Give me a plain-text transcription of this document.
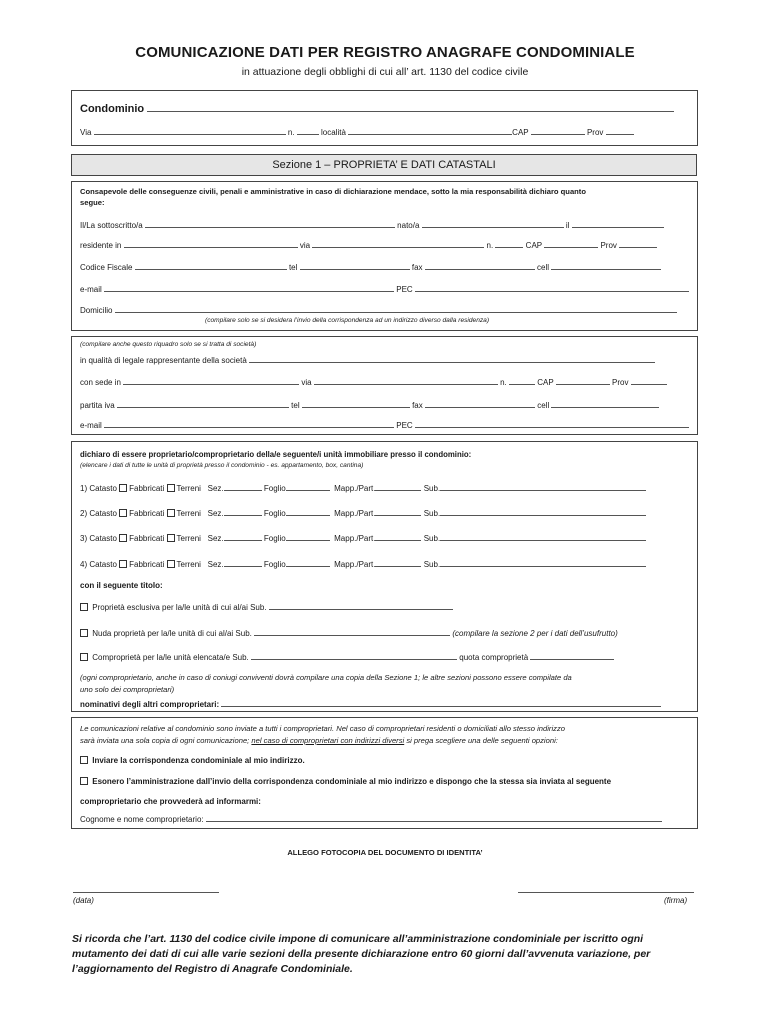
COMUNICAZIONE DATI PER REGISTRO ANAGRAFE CONDOMINIALE
in attuazione degli obblighi di cui all’ art. 1130 del codice civile
Condominio
Via	n.	località	CAP	Prov
Sezione 1 – PROPRIETA’ E DATI CATASTALI
Consapevole delle conseguenze civili, penali e amministrative in caso di dichiarazione mendace, sotto la mia responsabilità dichiaro quanto
segue:
Il/La sottoscritto/a	nato/a	il
residente in	via	n.	CAP	Prov
Codice Fiscale	tel	fax	cell
e-mail	PEC
Domicilio
(compilare solo se si desidera l’invio della corrispondenza ad un indirizzo diverso dalla residenza)
(compilare anche questo riquadro solo se si tratta di società)
in qualità di legale rappresentante della società
con sede in	via	n.	CAP	Prov
partita iva	tel	fax	cell
e-mail	PEC
dichiaro di essere proprietario/comproprietario della/e seguente/i unità immobiliare presso il condominio:
(elencare i dati di tutte le unità di proprietà presso il condominio - es. appartamento, box, cantina)
1) Catasto Fabbricati Terreni Sez.	Foglio	Mapp./Part.	Sub.
2) Catasto Fabbricati Terreni Sez.	Foglio	Mapp./Part.	Sub.
3) Catasto Fabbricati Terreni Sez.	Foglio	Mapp./Part.	Sub.
4) Catasto Fabbricati Terreni Sez.	Foglio	Mapp./Part.	Sub.
con il seguente titolo:
Proprietà esclusiva per la/le unità di cui al/ai Sub.
Nuda proprietà per la/le unità di cui al/ai Sub.	(compilare la sezione 2 per i dati dell’usufrutto)
Comproprietà per la/le unità elencata/e Sub.	quota comproprietà
(ogni comproprietario, anche in caso di coniugi conviventi dovrà compilare una copia della Sezione 1; le altre sezioni possono essere compilate da
uno solo dei comproprietari)
nominativi degli altri comproprietari:
Le comunicazioni relative al condominio sono inviate a tutti i comproprietari. Nel caso di comproprietari residenti o domiciliati allo stesso indirizzo
sarà inviata una sola copia di ogni comunicazione; nel caso di comproprietari con indirizzi diversi si prega scegliere una delle seguenti opzioni:
Inviare la corrispondenza condominiale al mio indirizzo.
Esonero l’amministrazione dall’invio della corrispondenza condominiale al mio indirizzo e dispongo che la stessa sia inviata al seguente
comproprietario che provvederà ad informarmi:
Cognome e nome comproprietario:
ALLEGO FOTOCOPIA DEL DOCUMENTO DI IDENTITA’
(data)	(firma)
Si ricorda che l’art. 1130 del codice civile impone di comunicare all’amministrazione condominiale per iscritto ogni mutamento dei dati di cui alle varie sezioni della presente dichiarazione entro 60 giorni dall’avvenuta variazione, per l’aggiornamento del Registro di Anagrafe Condominiale.
